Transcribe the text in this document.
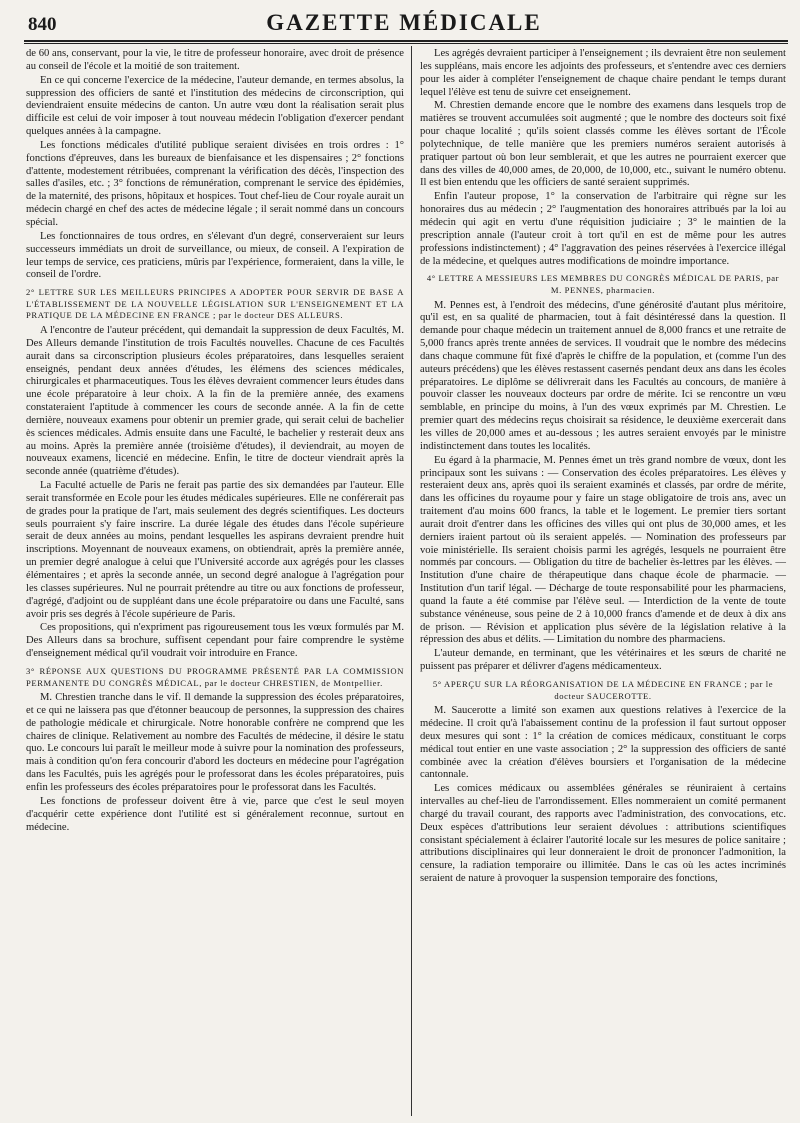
840	GAZETTE MÉDICALE

de 60 ans, conservant, pour la vie, le titre de professeur honoraire, avec droit de présence au conseil de l'école et la moitié de son traitement.

En ce qui concerne l'exercice de la médecine, l'auteur demande, en termes absolus, la suppression des officiers de santé et l'institution des médecins de circonscription, qui deviendraient ensuite médecins de canton. Un autre vœu dont la réalisation serait plus difficile est celui de voir imposer à tout nouveau médecin l'obligation d'exercer pendant quelques années à la campagne.

Les fonctions médicales d'utilité publique seraient divisées en trois ordres : 1° fonctions d'épreuves, dans les bureaux de bienfaisance et les dispensaires ; 2° fonctions d'attente, modestement rétribuées, comprenant la vérification des décès, l'inspection des salles d'asiles, etc. ; 3° fonctions de rémunération, comprenant le service des épidémies, de la maternité, des prisons, hôpitaux et hospices. Tout chef-lieu de Cour royale aurait un médecin chargé en chef des actes de médecine légale ; il serait nommé dans un concours spécial.

Les fonctionnaires de tous ordres, en s'élevant d'un degré, conserveraient sur leurs successeurs immédiats un droit de surveillance, ou mieux, de conseil. A l'expiration de leur temps de service, ces praticiens, mûris par l'expérience, formeraient, dans la ville, le conseil de l'ordre.

2° LETTRE SUR LES MEILLEURS PRINCIPES A ADOPTER POUR SERVIR DE BASE A L'ÉTABLISSEMENT DE LA NOUVELLE LÉGISLATION SUR L'ENSEIGNEMENT ET LA PRATIQUE DE LA MÉDECINE EN FRANCE ; par le docteur DES ALLEURS.

A l'encontre de l'auteur précédent, qui demandait la suppression de deux Facultés, M. Des Alleurs demande l'institution de trois Facultés nouvelles. Chacune de ces Facultés aurait dans sa circonscription plusieurs écoles préparatoires, dans lesquelles seraient enseignés, pendant deux années d'études, les élémens des sciences médicales, chirurgicales et pharmaceutiques. Tous les élèves devraient commencer leurs études dans une école préparatoire à leur choix. A la fin de la première année, des examens constateraient l'aptitude à commencer les cours de seconde année. A la fin de cette dernière, nouveaux examens pour obtenir un premier grade, qui serait celui de bachelier ès sciences médicales. Admis ensuite dans une Faculté, le bachelier y resterait deux ans au moins. Après la première année (troisième d'études), il deviendrait, au moyen de nouveaux examens, licencié en médecine. Enfin, le titre de docteur viendrait après la seconde année (quatrième d'études).

La Faculté actuelle de Paris ne ferait pas partie des six demandées par l'auteur. Elle serait transformée en Ecole pour les études médicales supérieures. Elle ne conférerait pas de grades pour la pratique de l'art, mais seulement des degrés scientifiques. Les docteurs seuls pourraient s'y faire inscrire. La durée légale des études dans l'école supérieure serait de deux années au moins, pendant lesquelles les aspirans devraient prendre huit inscriptions. Moyennant de nouveaux examens, on obtiendrait, après la première année, un premier degré analogue à celui que l'Université accorde aux agrégés pour les classes élémentaires ; et après la seconde année, un second degré analogue à l'agrégation pour les classes supérieures. Nul ne pourrait prétendre au titre ou aux fonctions de professeur, d'agrégé, d'adjoint ou de suppléant dans une école préparatoire ou dans une Faculté, sans avoir pris ses degrés à l'école supérieure de Paris.

Ces propositions, qui n'expriment pas rigoureusement tous les vœux formulés par M. Des Alleurs dans sa brochure, suffisent cependant pour faire comprendre le système d'enseignement médical qu'il voudrait voir introduire en France.

3° RÉPONSE AUX QUESTIONS DU PROGRAMME PRÉSENTÉ PAR LA COMMISSION PERMANENTE DU CONGRÈS MÉDICAL, par le docteur CHRESTIEN, de Montpellier.

M. Chrestien tranche dans le vif. Il demande la suppression des écoles préparatoires, et ce qui ne laissera pas que d'étonner beaucoup de personnes, la suppression des chaires de pathologie médicale et chirurgicale. Notre honorable confrère ne comprend que les chaires de clinique. Relativement au nombre des Facultés de médecine, il désire le statu quo. Le concours lui paraît le meilleur mode à suivre pour la nomination des professeurs, mais à condition qu'on fera concourir d'abord les docteurs en médecine pour l'agrégation dans les Facultés, puis les agrégés pour le professorat dans les écoles préparatoires, puis enfin les professeurs des écoles préparatoires pour le professorat dans les Facultés.

Les fonctions de professeur doivent être à vie, parce que c'est le seul moyen d'acquérir cette expérience dont l'utilité est si généralement reconnue, surtout en médecine.

Les agrégés devraient participer à l'enseignement ; ils devraient être non seulement les suppléans, mais encore les adjoints des professeurs, et s'entendre avec ces derniers pour les aider à compléter l'enseignement de chaque chaire pendant le temps durant lequel l'élève est tenu de suivre cet enseignement.

M. Chrestien demande encore que le nombre des examens dans lesquels trop de matières se trouvent accumulées soit augmenté ; que le nombre des docteurs soit fixé pour chaque localité ; qu'ils soient classés comme les élèves sortant de l'École polytechnique, de telle manière que les premiers numéros seraient autorisés à pratiquer partout où bon leur semblerait, et que les autres ne pourraient exercer que dans des villes de 40,000 ames, de 20,000, de 10,000, etc., suivant le numéro obtenu. Il est bien entendu que les officiers de santé seraient supprimés.

Enfin l'auteur propose, 1° la conservation de l'arbitraire qui règne sur les honoraires dus au médecin ; 2° l'augmentation des honoraires attribués par la loi au médecin qui agit en vertu d'une réquisition judiciaire ; 3° le maintien de la prescription annale (l'auteur croit à tort qu'il en est de même pour les autres professions indistinctement) ; 4° l'aggravation des peines réservées à l'exercice illégal de la médecine, et quelques autres modifications de moindre importance.

4° LETTRE A MESSIEURS LES MEMBRES DU CONGRÈS MÉDICAL DE PARIS, par M. PENNES, pharmacien.

M. Pennes est, à l'endroit des médecins, d'une générosité d'autant plus méritoire, qu'il est, en sa qualité de pharmacien, tout à fait désintéressé dans la question. Il demande pour chaque médecin un traitement annuel de 8,000 francs et une retraite de 5,000 francs après trente années de services. Il voudrait que le nombre des médecins dans chaque commune fût fixé d'après le chiffre de la population, et (comme l'un des auteurs précédens) que les élèves restassent casernés pendant deux ans dans les écoles préparatoires. Le diplôme se délivrerait dans les Facultés au concours, de manière à pouvoir classer les nouveaux docteurs par ordre de mérite. Ici se rencontre un vœu semblable, en principe du moins, à l'un des vœux exprimés par M. Chrestien. Le premier quart des médecins reçus choisirait sa résidence, le deuxième exercerait dans les villes de 20,000 ames et au-dessous ; les autres seraient envoyés par le ministre indistinctement dans toutes les localités.

Eu égard à la pharmacie, M. Pennes émet un très grand nombre de vœux, dont les principaux sont les suivans : — Conservation des écoles préparatoires. Les élèves y resteraient deux ans, après quoi ils seraient examinés et classés, par ordre de mérite, dans les officines du royaume pour y faire un stage obligatoire de trois ans, avec un traitement d'au moins 600 francs, la table et le logement. Le premier tiers sortant aurait droit d'entrer dans les officines des villes qui ont plus de 30,000 ames, et les derniers iraient partout où ils seraient appelés. — Nomination des professeurs par voie ministérielle. Ils seraient choisis parmi les agrégés, lesquels ne pourraient être nommés par concours. — Obligation du titre de bachelier ès-lettres par les élèves. — Institution d'une chaire de thérapeutique dans chaque école de pharmacie. — Institution d'un tarif légal. — Décharge de toute responsabilité pour les pharmaciens, quand la faute a été commise par l'élève seul. — Interdiction de la vente de toute substance vénéneuse, sous peine de 2 à 10,000 francs d'amende et de deux à dix ans de prison. — Révision et application plus sévère de la législation relative à la répression des abus et délits. — Limitation du nombre des pharmaciens.

L'auteur demande, en terminant, que les vétérinaires et les sœurs de charité ne puissent pas préparer et délivrer d'agens médicamenteux.

5° APERÇU SUR LA RÉORGANISATION DE LA MÉDECINE EN FRANCE ; par le docteur SAUCEROTTE.

M. Saucerotte a limité son examen aux questions relatives à l'exercice de la médecine. Il croit qu'à l'abaissement continu de la profession il faut surtout opposer deux mesures qui sont : 1° la création de comices médicaux, constituant le corps médical tout entier en une vaste association ; 2° la suppression des officiers de santé combinée avec la création d'élèves boursiers et l'organisation de la médecine cantonnale.

Les comices médicaux ou assemblées générales se réuniraient à certains intervalles au chef-lieu de l'arrondissement. Elles nommeraient un comité permanent chargé du travail courant, des rapports avec l'administration, des convocations, etc. Deux espèces d'attributions leur seraient dévolues : attributions scientifiques consistant spécialement à éclairer l'autorité locale sur les mesures de police sanitaire ; attributions disciplinaires qui leur donneraient le droit de prononcer l'admonition, la censure, la radiation temporaire ou illimitée. Dans le cas où les actes incriminés seraient de nature à provoquer la suspension temporaire des fonctions,
